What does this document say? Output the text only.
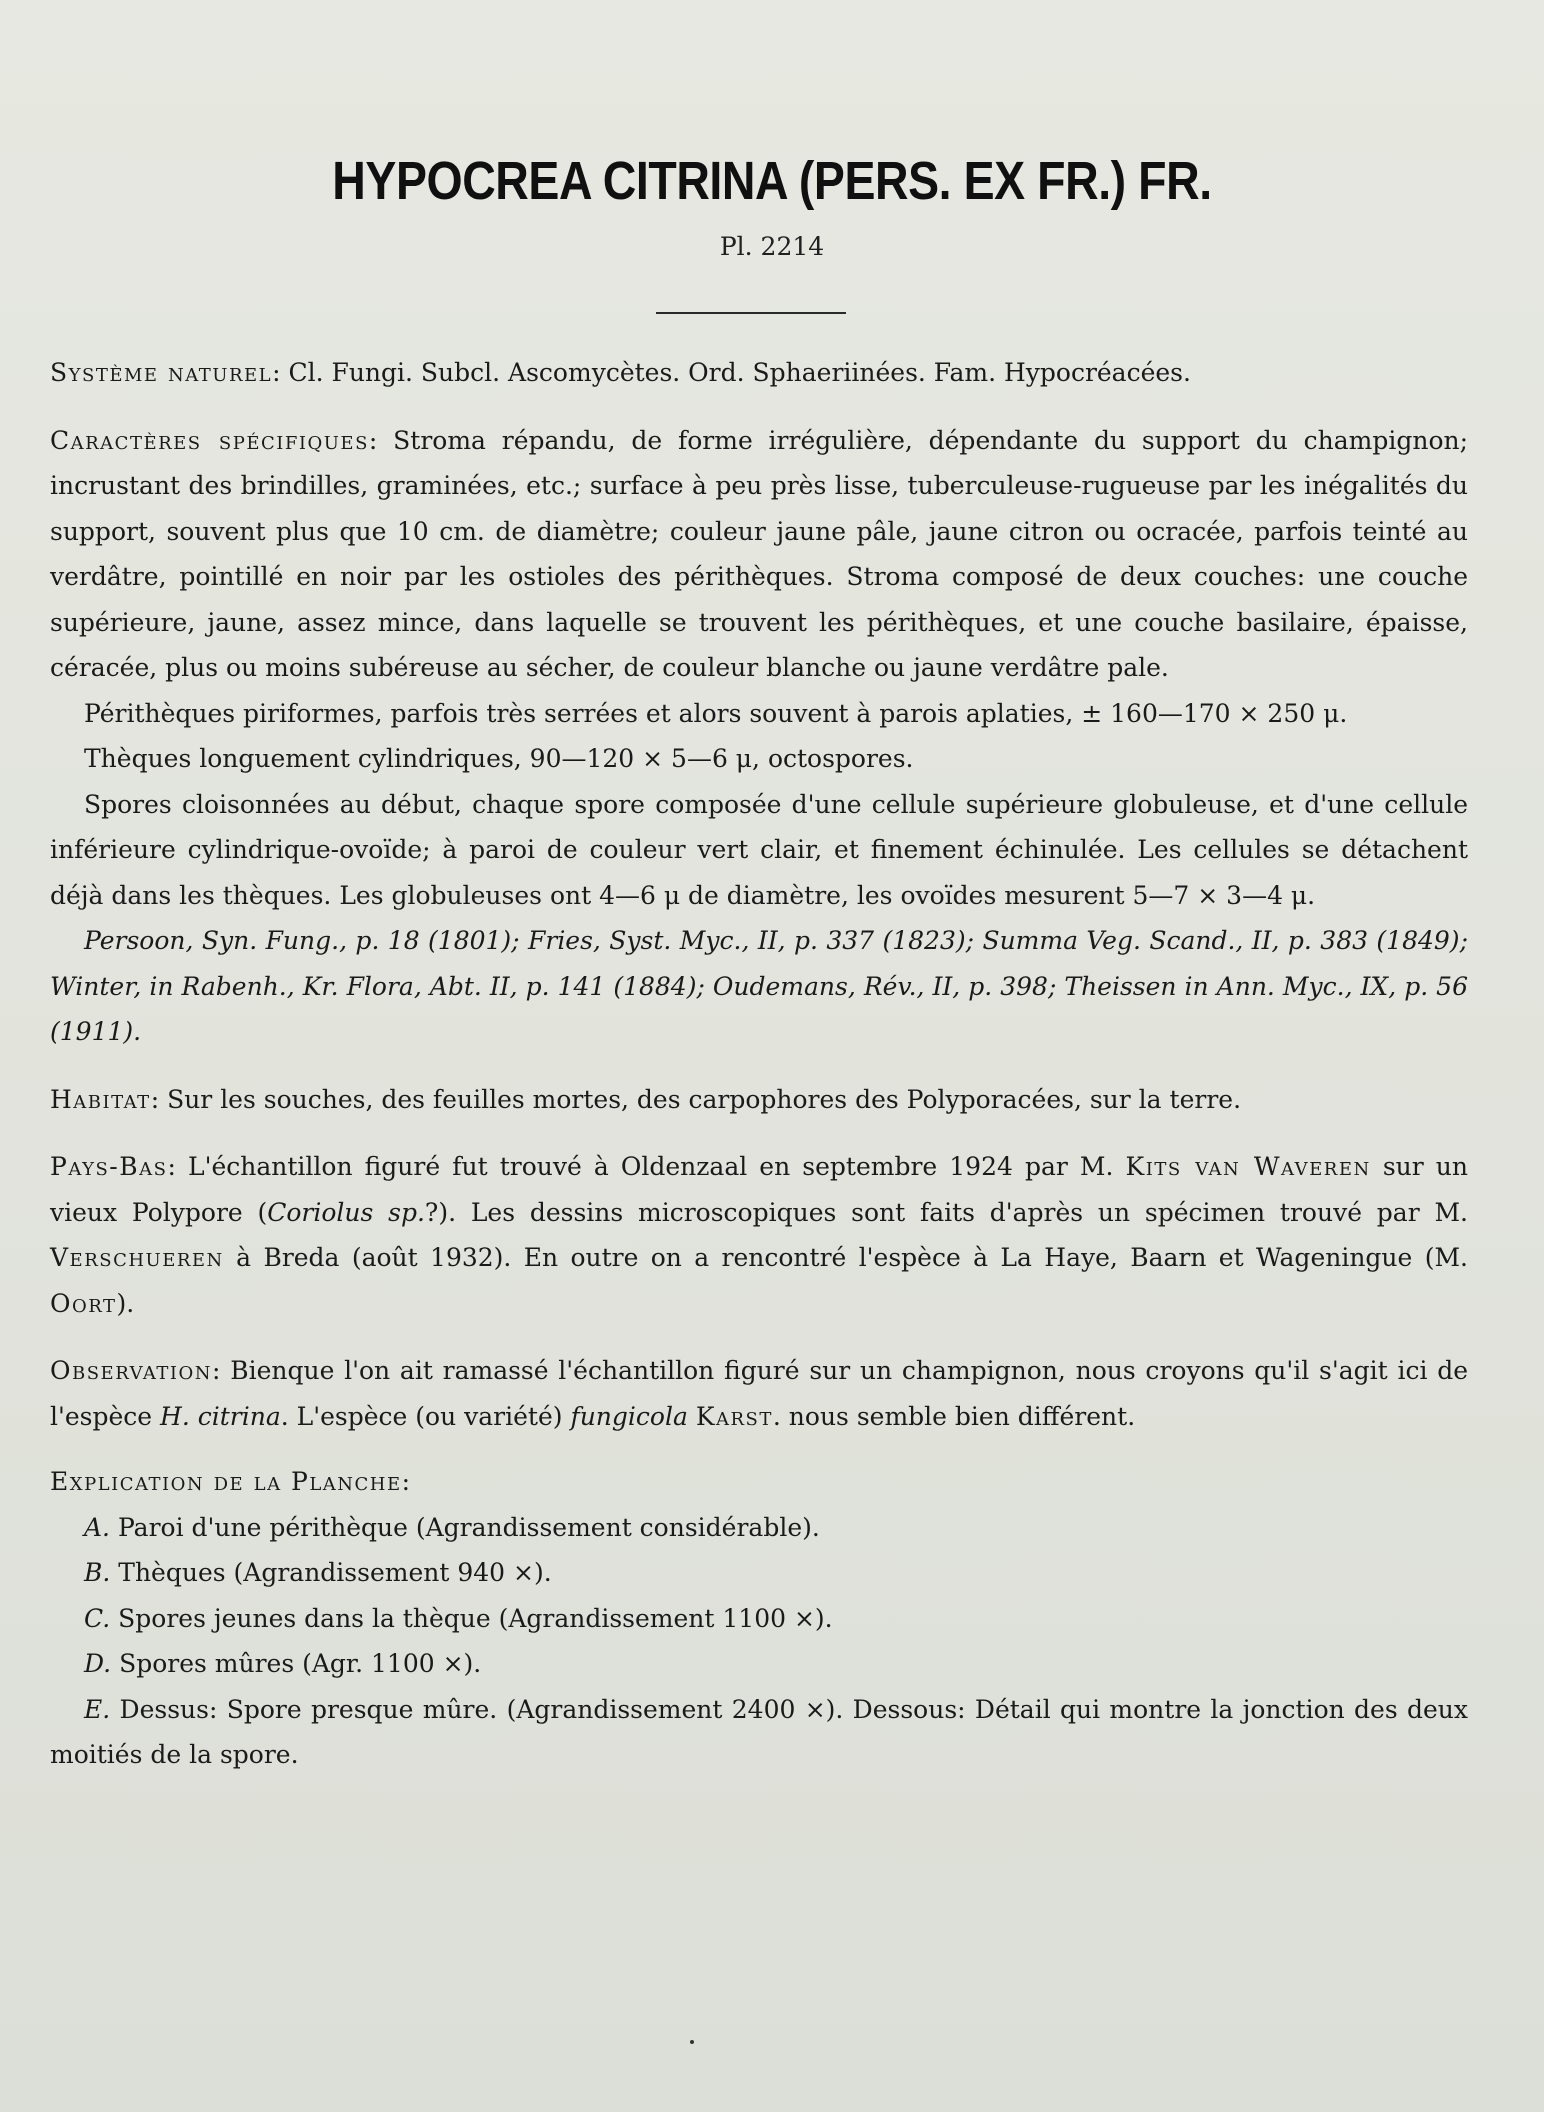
HYPOCREA CITRINA (PERS. EX FR.) FR.
Pl. 2214

Système naturel: Cl. Fungi. Subcl. Ascomycètes. Ord. Sphaeriinées. Fam. Hypocréacées.

Caractères spécifiques: Stroma répandu, de forme irrégulière, dépendante du support du champignon; incrustant des brindilles, graminées, etc.; surface à peu près lisse, tuberculeuse-rugueuse par les inégalités du support, souvent plus que 10 cm. de diamètre; couleur jaune pâle, jaune citron ou ocracée, parfois teinté au verdâtre, pointillé en noir par les ostioles des périthèques. Stroma composé de deux couches: une couche supérieure, jaune, assez mince, dans laquelle se trouvent les périthèques, et une couche basilaire, épaisse, céracée, plus ou moins subéreuse au sécher, de couleur blanche ou jaune verdâtre pale.

Périthèques piriformes, parfois très serrées et alors souvent à parois aplaties, ± 160—170 × 250 μ.

Thèques longuement cylindriques, 90—120 × 5—6 μ, octospores.

Spores cloisonnées au début, chaque spore composée d'une cellule supérieure globuleuse, et d'une cellule inférieure cylindrique-ovoïde; à paroi de couleur vert clair, et finement échinulée. Les cellules se détachent déjà dans les thèques. Les globuleuses ont 4—6 μ de diamètre, les ovoïdes mesurent 5—7 × 3—4 μ.

Persoon, Syn. Fung., p. 18 (1801); Fries, Syst. Myc., II, p. 337 (1823); Summa Veg. Scand., II, p. 383 (1849); Winter, in Rabenh., Kr. Flora, Abt. II, p. 141 (1884); Oudemans, Rév., II, p. 398; Theissen in Ann. Myc., IX, p. 56 (1911).

Habitat: Sur les souches, des feuilles mortes, des carpophores des Polyporacées, sur la terre.

Pays-Bas: L'échantillon figuré fut trouvé à Oldenzaal en septembre 1924 par M. Kits van Waveren sur un vieux Polypore (Coriolus sp.?). Les dessins microscopiques sont faits d'après un spécimen trouvé par M. Verschueren à Breda (août 1932). En outre on a rencontré l'espèce à La Haye, Baarn et Wageningue (M. Oort).

Observation: Bienque l'on ait ramassé l'échantillon figuré sur un champignon, nous croyons qu'il s'agit ici de l'espèce H. citrina. L'espèce (ou variété) fungicola Karst. nous semble bien différent.

Explication de la Planche:

A. Paroi d'une périthèque (Agrandissement considérable).

B. Thèques (Agrandissement 940 ×).

C. Spores jeunes dans la thèque (Agrandissement 1100 ×).

D. Spores mûres (Agr. 1100 ×).

E. Dessus: Spore presque mûre. (Agrandissement 2400 ×). Dessous: Détail qui montre la jonction des deux moitiés de la spore.
